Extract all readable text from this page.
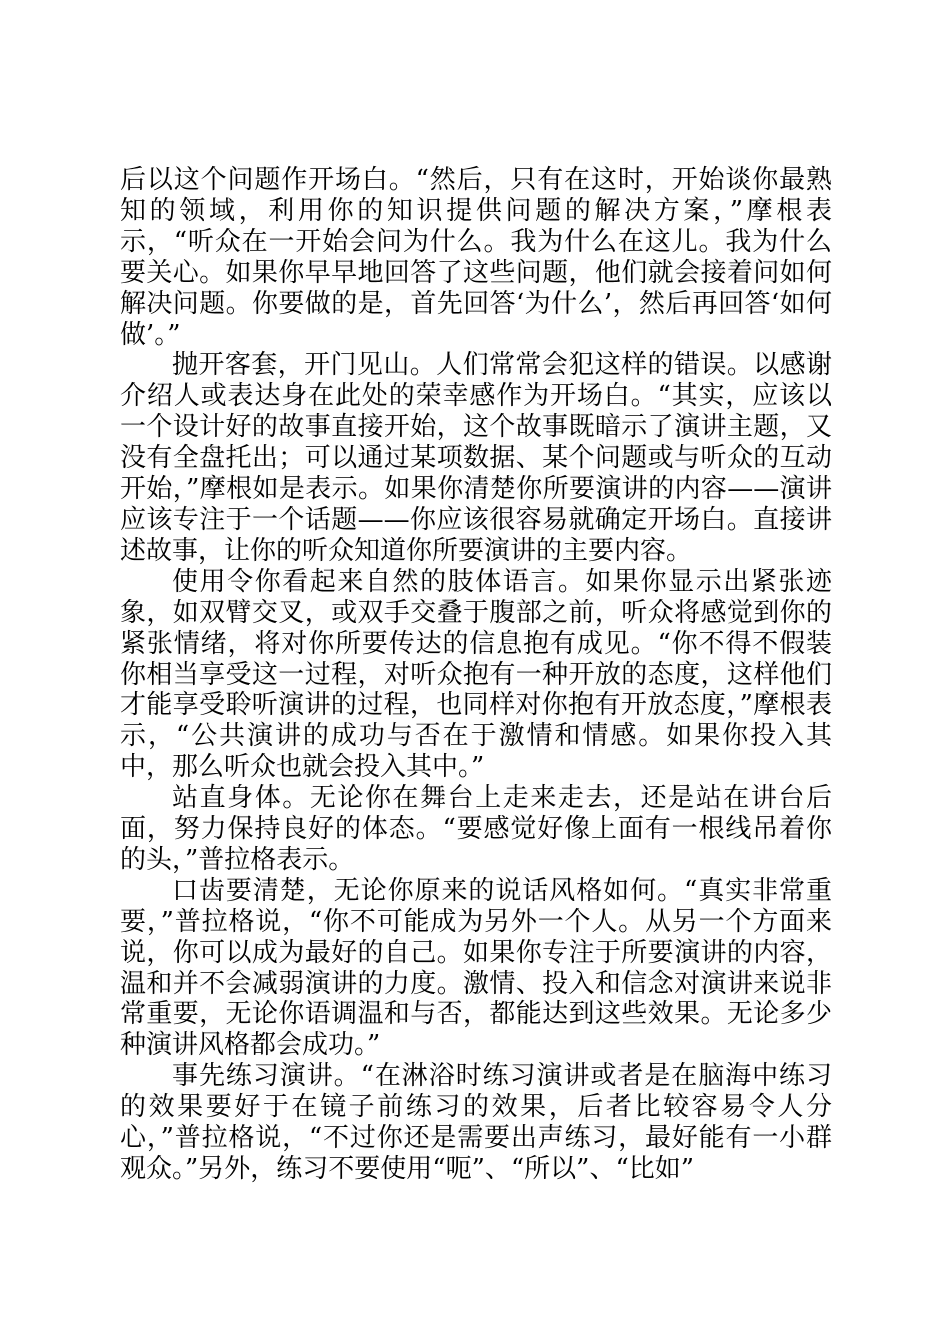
后以这个问题作开场白。“然后，只有在这时，开始谈你最熟知的领域，利用你的知识提供问题的解决方案，”摩根表示，“听众在一开始会问为什么。我为什么在这儿。我为什么要关心。如果你早早地回答了这些问题，他们就会接着问如何解决问题。你要做的是，首先回答‘为什么’，然后再回答‘如何做’。”

抛开客套，开门见山。人们常常会犯这样的错误。以感谢介绍人或表达身在此处的荣幸感作为开场白。“其实，应该以一个设计好的故事直接开始，这个故事既暗示了演讲主题，又没有全盘托出；可以通过某项数据、某个问题或与听众的互动开始，”摩根如是表示。如果你清楚你所要演讲的内容——演讲应该专注于一个话题——你应该很容易就确定开场白。直接讲述故事，让你的听众知道你所要演讲的主要内容。

使用令你看起来自然的肢体语言。如果你显示出紧张迹象，如双臂交叉，或双手交叠于腹部之前，听众将感觉到你的紧张情绪，将对你所要传达的信息抱有成见。“你不得不假装你相当享受这一过程，对听众抱有一种开放的态度，这样他们才能享受聆听演讲的过程，也同样对你抱有开放态度，”摩根表示，“公共演讲的成功与否在于激情和情感。如果你投入其中，那么听众也就会投入其中。”

站直身体。无论你在舞台上走来走去，还是站在讲台后面，努力保持良好的体态。“要感觉好像上面有一根线吊着你的头，”普拉格表示。

口齿要清楚，无论你原来的说话风格如何。“真实非常重要，”普拉格说，“你不可能成为另外一个人。从另一个方面来说，你可以成为最好的自己。如果你专注于所要演讲的内容，温和并不会减弱演讲的力度。激情、投入和信念对演讲来说非常重要，无论你语调温和与否，都能达到这些效果。无论多少种演讲风格都会成功。”

事先练习演讲。“在淋浴时练习演讲或者是在脑海中练习的效果要好于在镜子前练习的效果，后者比较容易令人分心，”普拉格说，“不过你还是需要出声练习，最好能有一小群观众。”另外，练习不要使用“呃”、“所以”、“比如”
